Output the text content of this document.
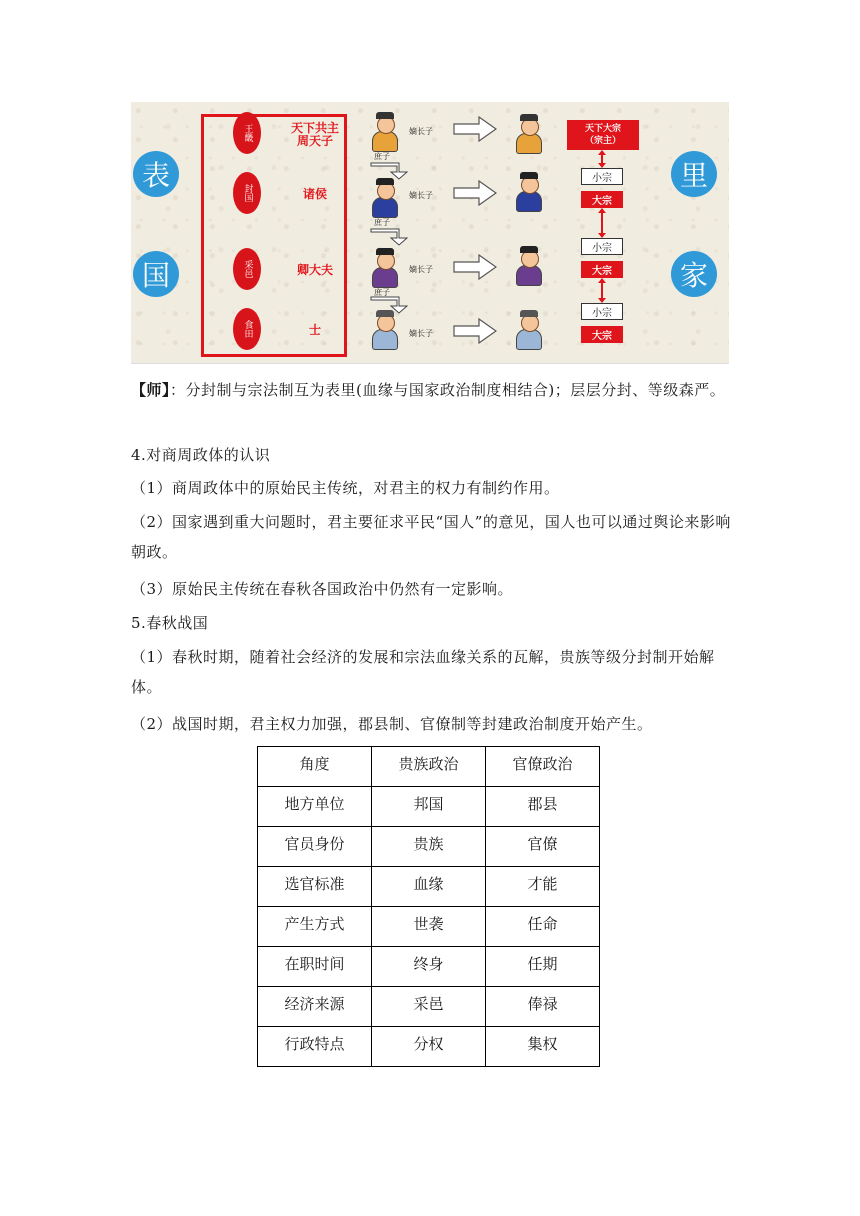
表
国
里
家
王畿
封国
采邑
食田
天下共主
周天子
诸侯
卿大夫
士
嫡长子
嫡长子
嫡长子
嫡长子
庶子
庶子
庶子
天下大宗
（宗主）
小宗
大宗
小宗
大宗
小宗
大宗
【师】：分封制与宗法制互为表里(血缘与国家政治制度相结合)；层层分封、等级森严。
4.对商周政体的认识
（1）商周政体中的原始民主传统，对君主的权力有制约作用。
（2）国家遇到重大问题时，君主要征求平民“国人”的意见，国人也可以通过舆论来影响朝政。
（3）原始民主传统在春秋各国政治中仍然有一定影响。
5.春秋战国
（1）春秋时期，随着社会经济的发展和宗法血缘关系的瓦解，贵族等级分封制开始解体。
（2）战国时期，君主权力加强，郡县制、官僚制等封建政治制度开始产生。
角度	贵族政治	官僚政治
地方单位	邦国	郡县
官员身份	贵族	官僚
选官标准	血缘	才能
产生方式	世袭	任命
在职时间	终身	任期
经济来源	采邑	俸禄
行政特点	分权	集权
